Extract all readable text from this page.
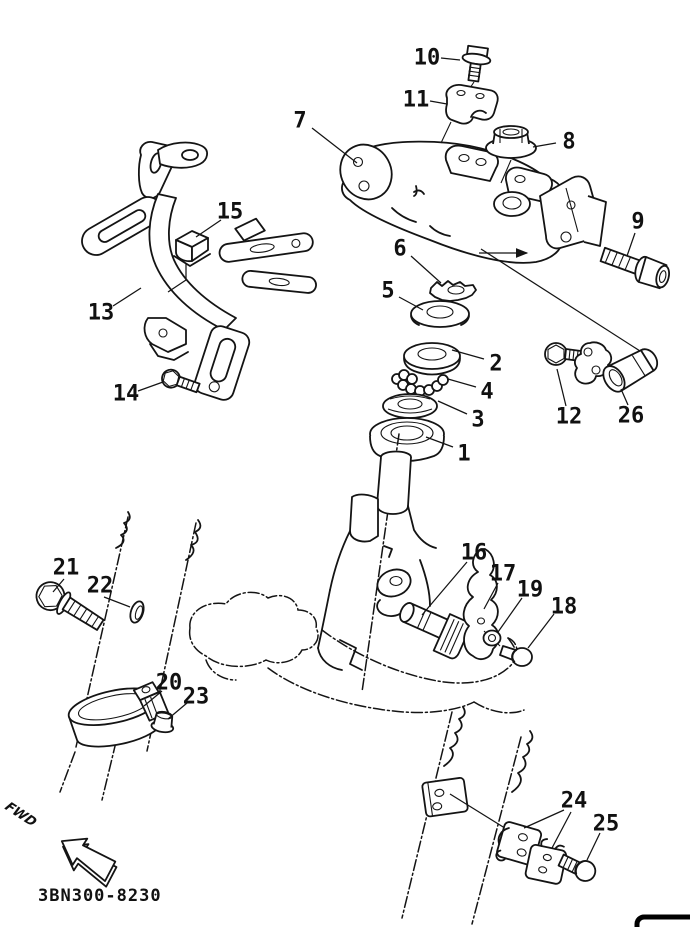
FWD
3BN300-8230
1
2
3
4
5
6
7
8
9
10
11
12
13
14
15
16
17
18
19
20
21
22
23
24
25
26
